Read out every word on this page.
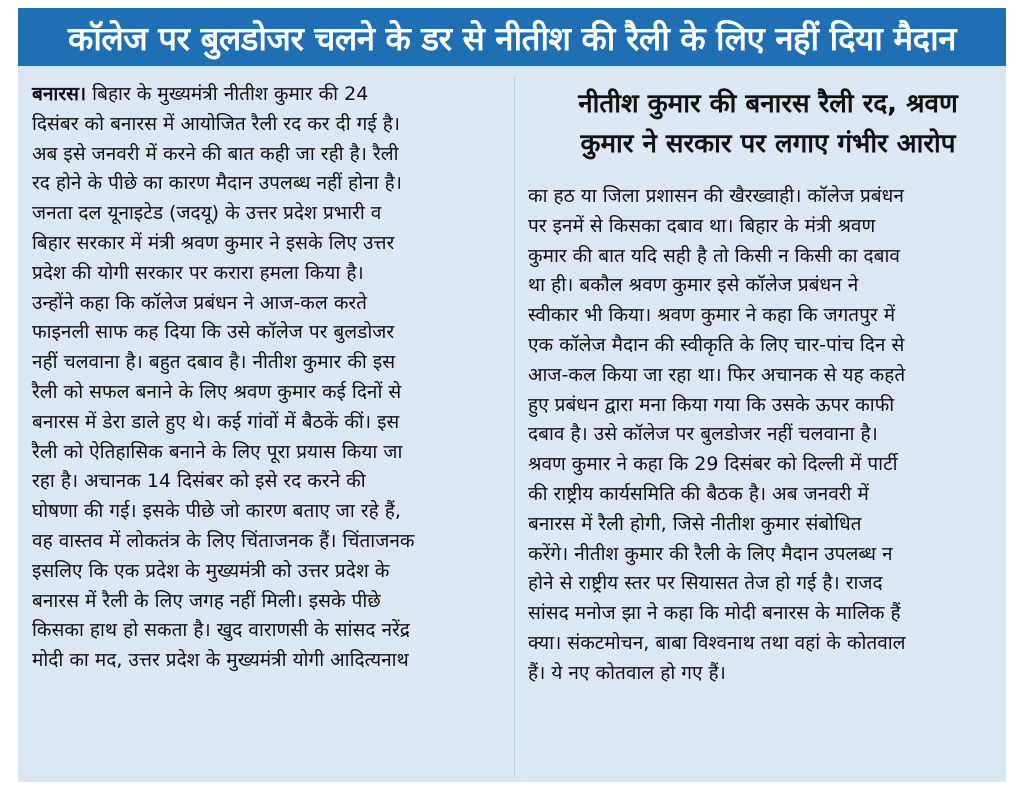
कॉलेज पर बुलडोजर चलने के डर से नीतीश की रैली के लिए नहीं दिया मैदान
बनारस। बिहार के मुख्यमंत्री नीतीश कुमार की 24
दिसंबर को बनारस में आयोजित रैली रद कर दी गई है।
अब इसे जनवरी में करने की बात कही जा रही है। रैली
रद होने के पीछे का कारण मैदान उपलब्ध नहीं होना है।
जनता दल यूनाइटेड (जदयू) के उत्तर प्रदेश प्रभारी व
बिहार सरकार में मंत्री श्रवण कुमार ने इसके लिए उत्तर
प्रदेश की योगी सरकार पर करारा हमला किया है।
उन्होंने कहा कि कॉलेज प्रबंधन ने आज-कल करते
फाइनली साफ कह दिया कि उसे कॉलेज पर बुलडोजर
नहीं चलवाना है। बहुत दबाव है। नीतीश कुमार की इस
रैली को सफल बनाने के लिए श्रवण कुमार कई दिनों से
बनारस में डेरा डाले हुए थे। कई गांवों में बैठकें कीं। इस
रैली को ऐतिहासिक बनाने के लिए पूरा प्रयास किया जा
रहा है। अचानक 14 दिसंबर को इसे रद करने की
घोषणा की गई। इसके पीछे जो कारण बताए जा रहे हैं,
वह वास्तव में लोकतंत्र के लिए चिंताजनक हैं। चिंताजनक
इसलिए कि एक प्रदेश के मुख्यमंत्री को उत्तर प्रदेश के
बनारस में रैली के लिए जगह नहीं मिली। इसके पीछे
किसका हाथ हो सकता है। खुद वाराणसी के सांसद नरेंद्र
मोदी का मद, उत्तर प्रदेश के मुख्यमंत्री योगी आदित्यनाथ
नीतीश कुमार की बनारस रैली रद, श्रवण
कुमार ने सरकार पर लगाए गंभीर आरोप
का हठ या जिला प्रशासन की खैरख्वाही। कॉलेज प्रबंधन
पर इनमें से किसका दबाव था। बिहार के मंत्री श्रवण
कुमार की बात यदि सही है तो किसी न किसी का दबाव
था ही। बकौल श्रवण कुमार इसे कॉलेज प्रबंधन ने
स्वीकार भी किया। श्रवण कुमार ने कहा कि जगतपुर में
एक कॉलेज मैदान की स्वीकृति के लिए चार-पांच दिन से
आज-कल किया जा रहा था। फिर अचानक से यह कहते
हुए प्रबंधन द्वारा मना किया गया कि उसके ऊपर काफी
दबाव है। उसे कॉलेज पर बुलडोजर नहीं चलवाना है।
श्रवण कुमार ने कहा कि 29 दिसंबर को दिल्ली में पार्टी
की राष्ट्रीय कार्यसमिति की बैठक है। अब जनवरी में
बनारस में रैली होगी, जिसे नीतीश कुमार संबोधित
करेंगे। नीतीश कुमार की रैली के लिए मैदान उपलब्ध न
होने से राष्ट्रीय स्तर पर सियासत तेज हो गई है। राजद
सांसद मनोज झा ने कहा कि मोदी बनारस के मालिक हैं
क्या। संकटमोचन, बाबा विश्वनाथ तथा वहां के कोतवाल
हैं। ये नए कोतवाल हो गए हैं।
